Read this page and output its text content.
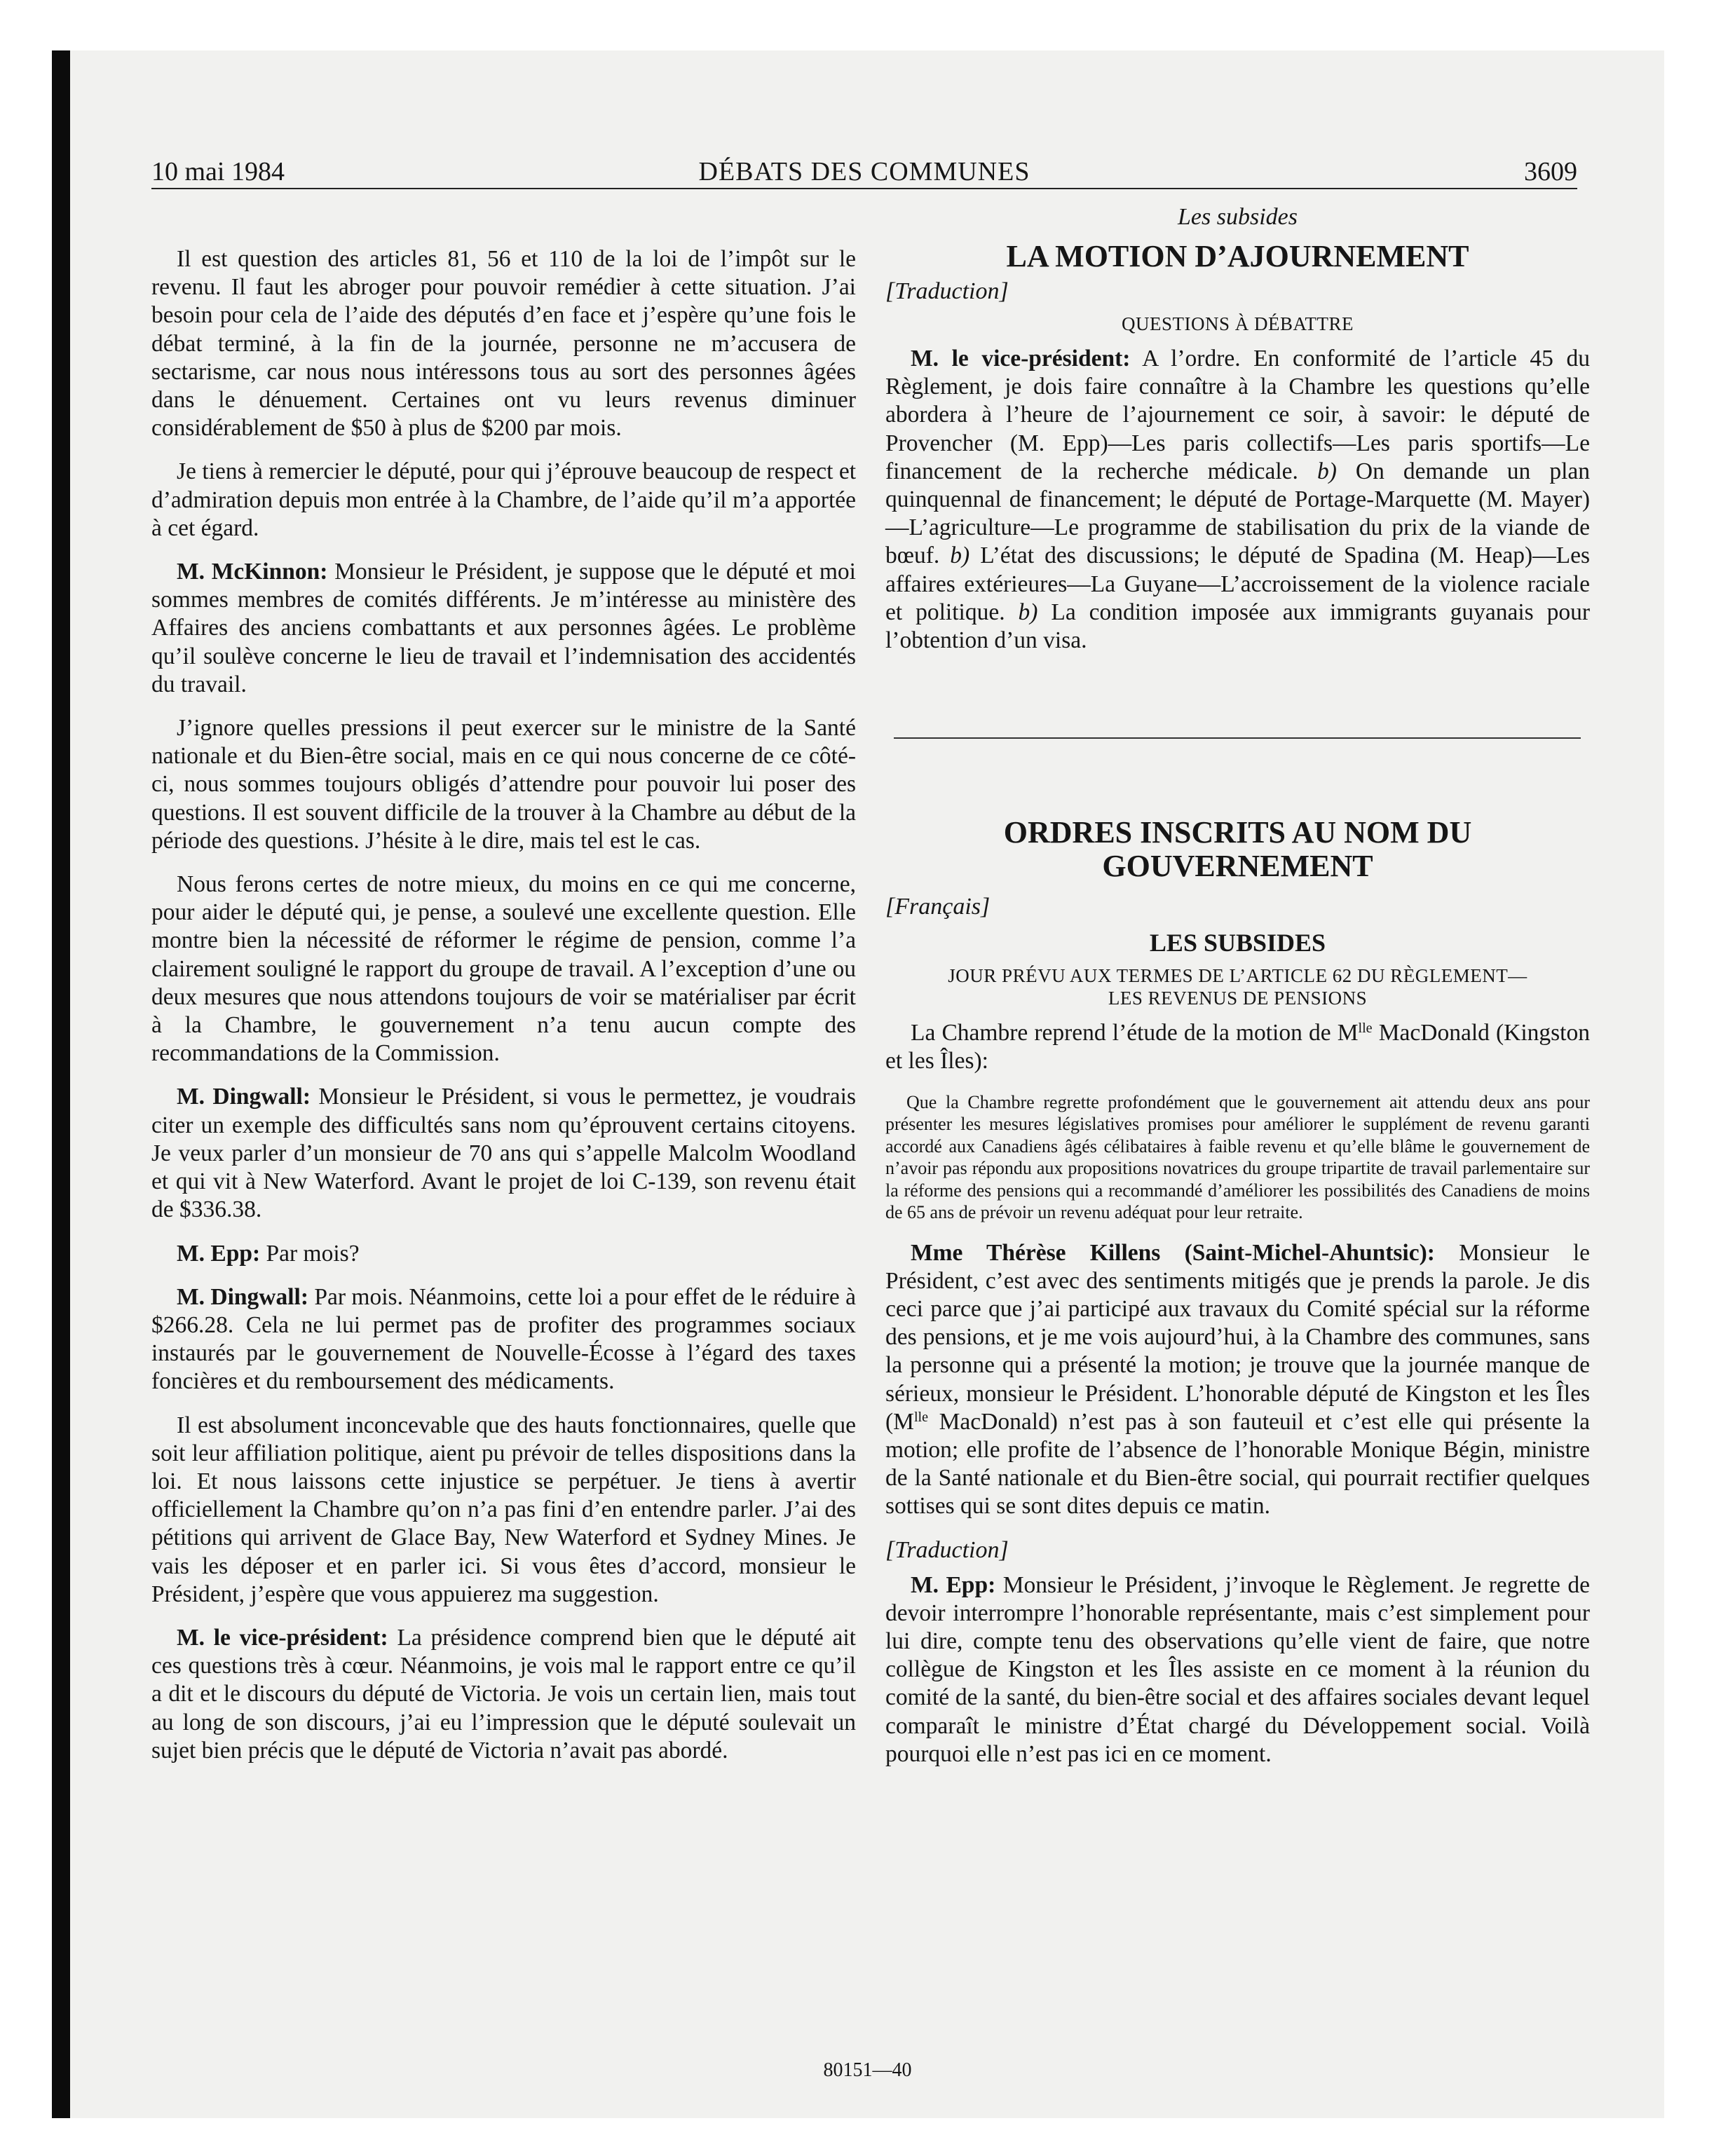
10 mai 1984	DÉBATS DES COMMUNES	3609

Il est question des articles 81, 56 et 110 de la loi de l’impôt sur le revenu. Il faut les abroger pour pouvoir remédier à cette situation. J’ai besoin pour cela de l’aide des députés d’en face et j’espère qu’une fois le débat terminé, à la fin de la journée, personne ne m’accusera de sectarisme, car nous nous intéressons tous au sort des personnes âgées dans le dénuement. Certaines ont vu leurs revenus diminuer considérablement de $50 à plus de $200 par mois.

Je tiens à remercier le député, pour qui j’éprouve beaucoup de respect et d’admiration depuis mon entrée à la Chambre, de l’aide qu’il m’a apportée à cet égard.

M. McKinnon: Monsieur le Président, je suppose que le député et moi sommes membres de comités différents. Je m’intéresse au ministère des Affaires des anciens combattants et aux personnes âgées. Le problème qu’il soulève concerne le lieu de travail et l’indemnisation des accidentés du travail.

J’ignore quelles pressions il peut exercer sur le ministre de la Santé nationale et du Bien-être social, mais en ce qui nous concerne de ce côté-ci, nous sommes toujours obligés d’attendre pour pouvoir lui poser des questions. Il est souvent difficile de la trouver à la Chambre au début de la période des questions. J’hésite à le dire, mais tel est le cas.

Nous ferons certes de notre mieux, du moins en ce qui me concerne, pour aider le député qui, je pense, a soulevé une excellente question. Elle montre bien la nécessité de réformer le régime de pension, comme l’a clairement souligné le rapport du groupe de travail. A l’exception d’une ou deux mesures que nous attendons toujours de voir se matérialiser par écrit à la Chambre, le gouvernement n’a tenu aucun compte des recommandations de la Commission.

M. Dingwall: Monsieur le Président, si vous le permettez, je voudrais citer un exemple des difficultés sans nom qu’éprouvent certains citoyens. Je veux parler d’un monsieur de 70 ans qui s’appelle Malcolm Woodland et qui vit à New Waterford. Avant le projet de loi C-139, son revenu était de $336.38.

M. Epp: Par mois?

M. Dingwall: Par mois. Néanmoins, cette loi a pour effet de le réduire à $266.28. Cela ne lui permet pas de profiter des programmes sociaux instaurés par le gouvernement de Nouvelle-Écosse à l’égard des taxes foncières et du remboursement des médicaments.

Il est absolument inconcevable que des hauts fonctionnaires, quelle que soit leur affiliation politique, aient pu prévoir de telles dispositions dans la loi. Et nous laissons cette injustice se perpétuer. Je tiens à avertir officiellement la Chambre qu’on n’a pas fini d’en entendre parler. J’ai des pétitions qui arrivent de Glace Bay, New Waterford et Sydney Mines. Je vais les déposer et en parler ici. Si vous êtes d’accord, monsieur le Président, j’espère que vous appuierez ma suggestion.

M. le vice-président: La présidence comprend bien que le député ait ces questions très à cœur. Néanmoins, je vois mal le rapport entre ce qu’il a dit et le discours du député de Victoria. Je vois un certain lien, mais tout au long de son discours, j’ai eu l’impression que le député soulevait un sujet bien précis que le député de Victoria n’avait pas abordé.

Les subsides
LA MOTION D’AJOURNEMENT
[Traduction]
QUESTIONS À DÉBATTRE

M. le vice-président: A l’ordre. En conformité de l’article 45 du Règlement, je dois faire connaître à la Chambre les questions qu’elle abordera à l’heure de l’ajournement ce soir, à savoir: le député de Provencher (M. Epp)—Les paris collectifs—Les paris sportifs—Le financement de la recherche médicale. b) On demande un plan quinquennal de financement; le député de Portage-Marquette (M. Mayer)—L’agriculture—Le programme de stabilisation du prix de la viande de bœuf. b) L’état des discussions; le député de Spadina (M. Heap)—Les affaires extérieures—La Guyane—L’accroissement de la violence raciale et politique. b) La condition imposée aux immigrants guyanais pour l’obtention d’un visa.

ORDRES INSCRITS AU NOM DU
GOUVERNEMENT
[Français]
LES SUBSIDES
JOUR PRÉVU AUX TERMES DE L’ARTICLE 62 DU RÈGLEMENT—
LES REVENUS DE PENSIONS

La Chambre reprend l’étude de la motion de $M^{lle}$ MacDonald (Kingston et les Îles):

Que la Chambre regrette profondément que le gouvernement ait attendu deux ans pour présenter les mesures législatives promises pour améliorer le supplément de revenu garanti accordé aux Canadiens âgés célibataires à faible revenu et qu’elle blâme le gouvernement de n’avoir pas répondu aux propositions novatrices du groupe tripartite de travail parlementaire sur la réforme des pensions qui a recommandé d’améliorer les possibilités des Canadiens de moins de 65 ans de prévoir un revenu adéquat pour leur retraite.

Mme Thérèse Killens (Saint-Michel-Ahuntsic): Monsieur le Président, c’est avec des sentiments mitigés que je prends la parole. Je dis ceci parce que j’ai participé aux travaux du Comité spécial sur la réforme des pensions, et je me vois aujourd’hui, à la Chambre des communes, sans la personne qui a présenté la motion; je trouve que la journée manque de sérieux, monsieur le Président. L’honorable député de Kingston et les Îles ($M^{lle}$ MacDonald) n’est pas à son fauteuil et c’est elle qui présente la motion; elle profite de l’absence de l’honorable Monique Bégin, ministre de la Santé nationale et du Bien-être social, qui pourrait rectifier quelques sottises qui se sont dites depuis ce matin.

[Traduction]

M. Epp: Monsieur le Président, j’invoque le Règlement. Je regrette de devoir interrompre l’honorable représentante, mais c’est simplement pour lui dire, compte tenu des observations qu’elle vient de faire, que notre collègue de Kingston et les Îles assiste en ce moment à la réunion du comité de la santé, du bien-être social et des affaires sociales devant lequel comparaît le ministre d’État chargé du Développement social. Voilà pourquoi elle n’est pas ici en ce moment.

80151—40
